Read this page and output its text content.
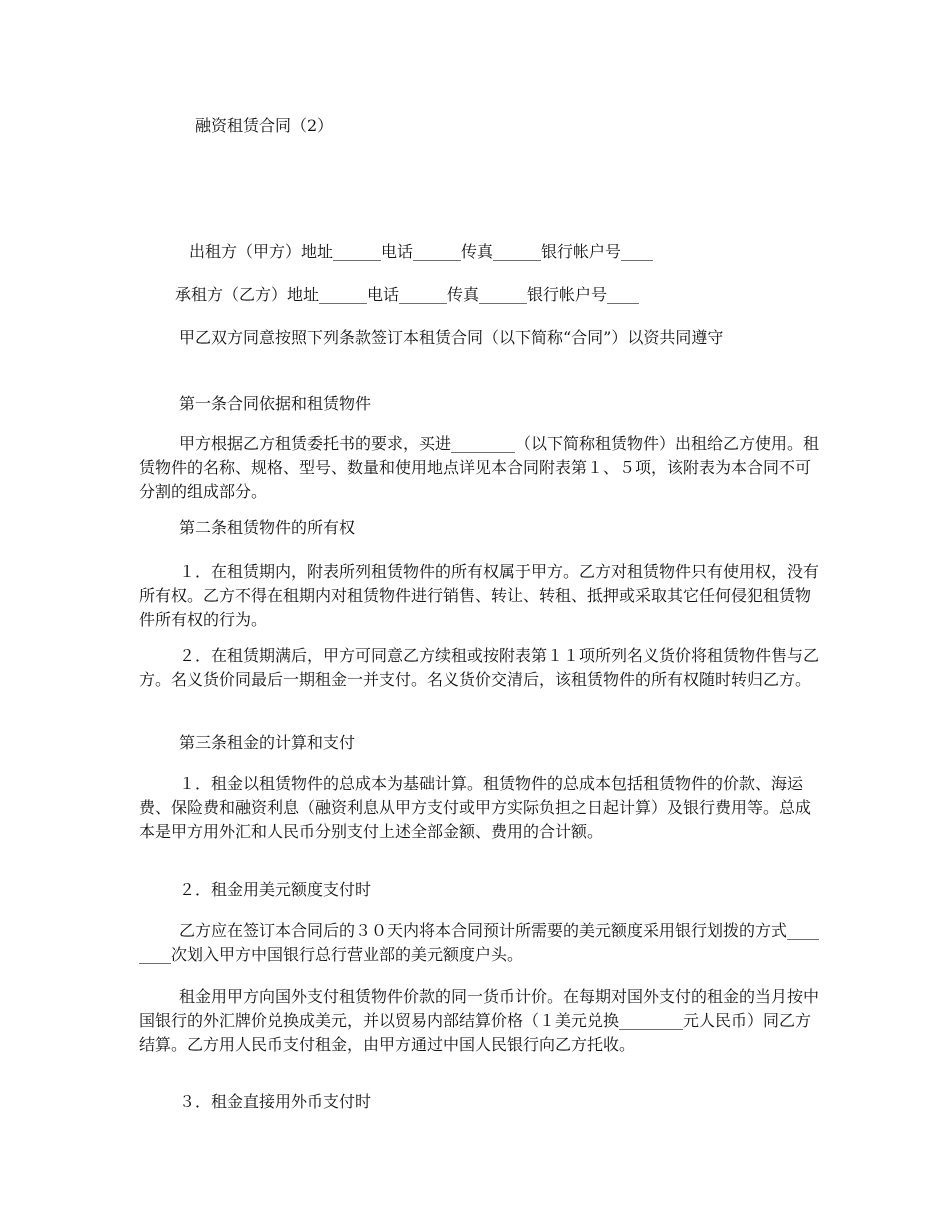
融资租赁合同（2）
出租方（甲方）地址______电话______传真______银行帐户号____
承租方（乙方）地址______电话______传真______银行帐户号____
甲乙双方同意按照下列条款签订本租赁合同（以下简称“合同”）以资共同遵守
第一条合同依据和租赁物件
甲方根据乙方租赁委托书的要求，买进________（以下简称租赁物件）出租给乙方使用。租赁物件的名称、规格、型号、数量和使用地点详见本合同附表第１、５项，该附表为本合同不可分割的组成部分。
第二条租赁物件的所有权
１．在租赁期内，附表所列租赁物件的所有权属于甲方。乙方对租赁物件只有使用权，没有所有权。乙方不得在租期内对租赁物件进行销售、转让、转租、抵押或采取其它任何侵犯租赁物件所有权的行为。
２．在租赁期满后，甲方可同意乙方续租或按附表第１１项所列名义货价将租赁物件售与乙方。名义货价同最后一期租金一并支付。名义货价交清后，该租赁物件的所有权随时转归乙方。
第三条租金的计算和支付
１．租金以租赁物件的总成本为基础计算。租赁物件的总成本包括租赁物件的价款、海运费、保险费和融资利息（融资利息从甲方支付或甲方实际负担之日起计算）及银行费用等。总成本是甲方用外汇和人民币分别支付上述全部金额、费用的合计额。
２．租金用美元额度支付时
乙方应在签订本合同后的３０天内将本合同预计所需要的美元额度采用银行划拨的方式________次划入甲方中国银行总行营业部的美元额度户头。
租金用甲方向国外支付租赁物件价款的同一货币计价。在每期对国外支付的租金的当月按中国银行的外汇牌价兑换成美元，并以贸易内部结算价格（１美元兑换________元人民币）同乙方结算。乙方用人民币支付租金，由甲方通过中国人民银行向乙方托收。
３．租金直接用外币支付时
